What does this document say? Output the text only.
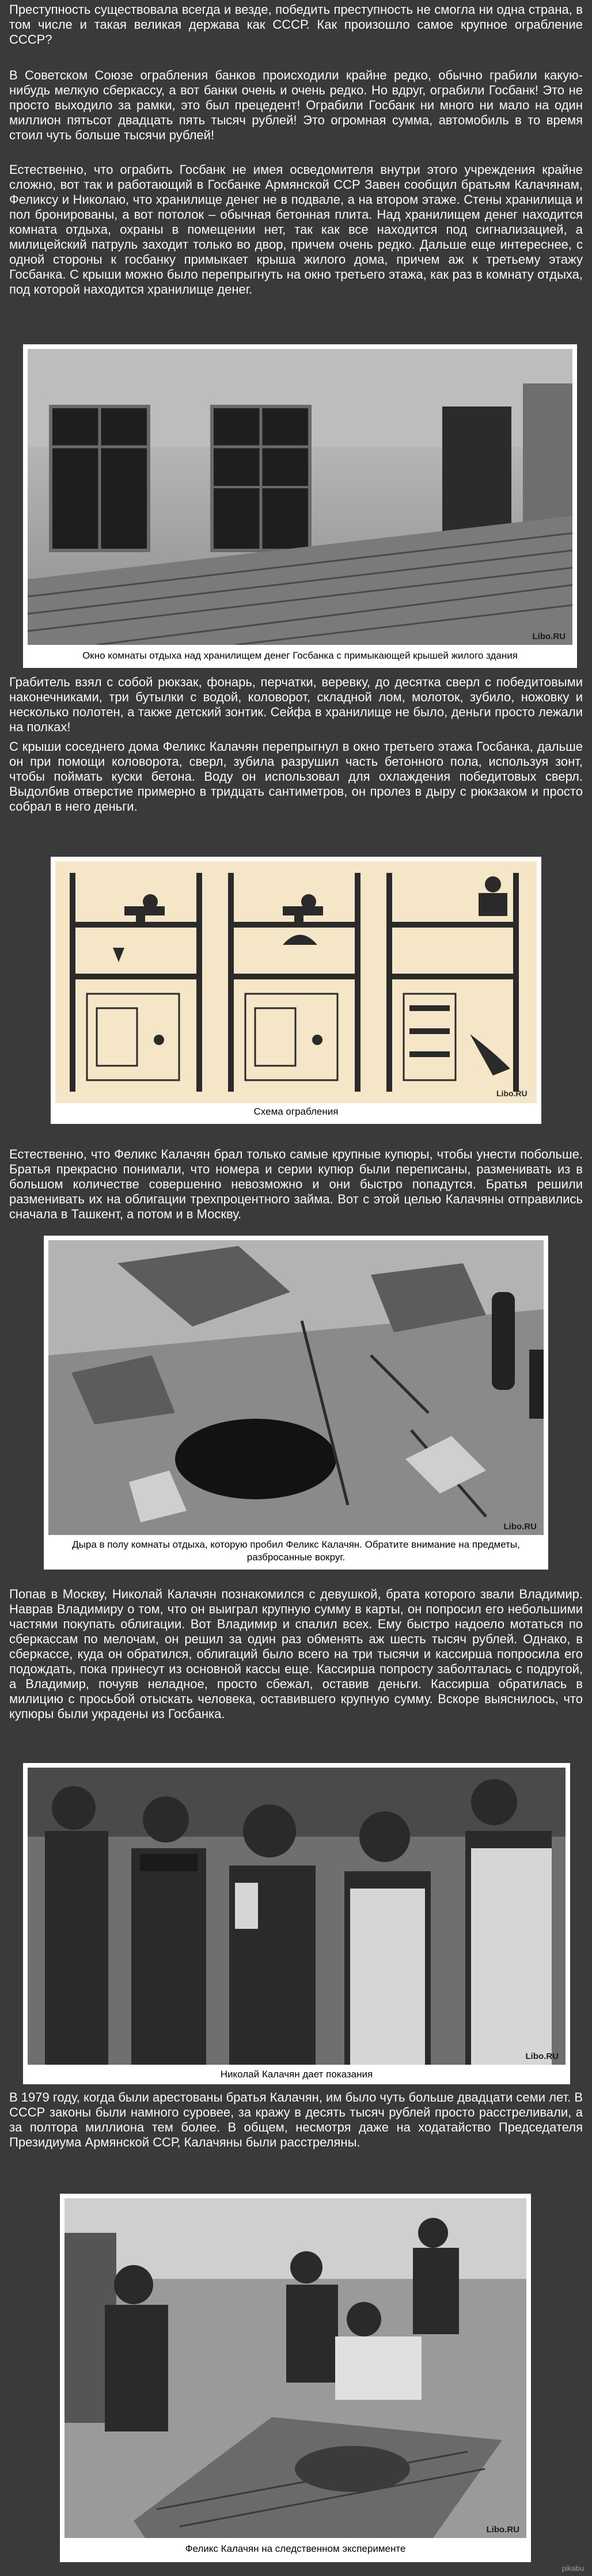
Преступность существовала всегда и везде, победить преступность не смогла ни одна страна, в том числе и такая великая держава как СССР. Как произошло самое крупное ограбление СССР?

В Советском Союзе ограбления банков происходили крайне редко, обычно грабили какую-нибудь мелкую сберкассу, а вот банки очень и очень редко. Но вдруг, ограбили Госбанк! Это не просто выходило за рамки, это был прецедент! Ограбили Госбанк ни много ни мало на один миллион пятьсот двадцать пять тысяч рублей! Это огромная сумма, автомобиль в то время стоил чуть больше тысячи рублей!

Естественно, что ограбить Госбанк не имея осведомителя внутри этого учреждения крайне сложно, вот так и работающий в Госбанке Армянской ССР Завен сообщил братьям Калачянам, Феликсу и Николаю, что хранилище денег не в подвале, а на втором этаже. Стены хранилища и пол бронированы, а вот потолок – обычная бетонная плита. Над хранилищем денег находится комната отдыха, охраны в помещении нет, так как все находится под сигнализацией, а милицейский патруль заходит только во двор, причем очень редко. Дальше еще интереснее, с одной стороны к госбанку примыкает крыша жилого дома, причем аж к третьему этажу Госбанка. С крыши можно было перепрыгнуть на окно третьего этажа, как раз в комнату отдыха, под которой находится хранилище денег.

Libo.RU
Окно комнаты отдыха над хранилищем денег Госбанка с примыкающей крышей жилого здания

Грабитель взял с собой рюкзак, фонарь, перчатки, веревку, до десятка сверл с победитовыми наконечниками, три бутылки с водой, коловорот, складной лом, молоток, зубило, ножовку и несколько полотен, а также детский зонтик. Сейфа в хранилище не было, деньги просто лежали на полках!

С крыши соседнего дома Феликс Калачян перепрыгнул в окно третьего этажа Госбанка, дальше он при помощи коловорота, сверл, зубила разрушил часть бетонного пола, используя зонт, чтобы поймать куски бетона. Воду он использовал для охлаждения победитовых сверл. Выдолбив отверстие примерно в тридцать сантиметров, он пролез в дыру с рюкзаком и просто собрал в него деньги.

Libo.RU
Схема ограбления

Естественно, что Феликс Калачян брал только самые крупные купюры, чтобы унести побольше. Братья прекрасно понимали, что номера и серии купюр были переписаны, разменивать из в большом количестве совершенно невозможно и они быстро попадутся. Братья решили разменивать их на облигации трехпроцентного займа. Вот с этой целью Калачяны отправились сначала в Ташкент, а потом и в Москву.

Libo.RU
Дыра в полу комнаты отдыха, которую пробил Феликс Калачян. Обратите внимание на предметы, разбросанные вокруг.

Попав в Москву, Николай Калачян познакомился с девушкой, брата которого звали Владимир. Наврав Владимиру о том, что он выиграл крупную сумму в карты, он попросил его небольшими частями покупать облигации. Вот Владимир и спалил всех. Ему быстро надоело мотаться по сберкассам по мелочам, он решил за один раз обменять аж шесть тысяч рублей. Однако, в сберкассе, куда он обратился, облигаций было всего на три тысячи и кассирша попросила его подождать, пока принесут из основной кассы еще. Кассирша попросту заболталась с подругой, а Владимир, почуяв неладное, просто сбежал, оставив деньги. Кассирша обратилась в милицию с просьбой отыскать человека, оставившего крупную сумму. Вскоре выяснилось, что купюры были украдены из Госбанка.

Libo.RU
Николай Калачян дает показания

В 1979 году, когда были арестованы братья Калачян, им было чуть больше двадцати семи лет. В СССР законы были намного суровее, за кражу в десять тысяч рублей просто расстреливали, а за полтора миллиона тем более. В общем, несмотря даже на ходатайство Председателя Президиума Армянской ССР, Калачяны были расстреляны.

Libo.RU
Феликс Калачян на следственном эксперименте
pikabu
